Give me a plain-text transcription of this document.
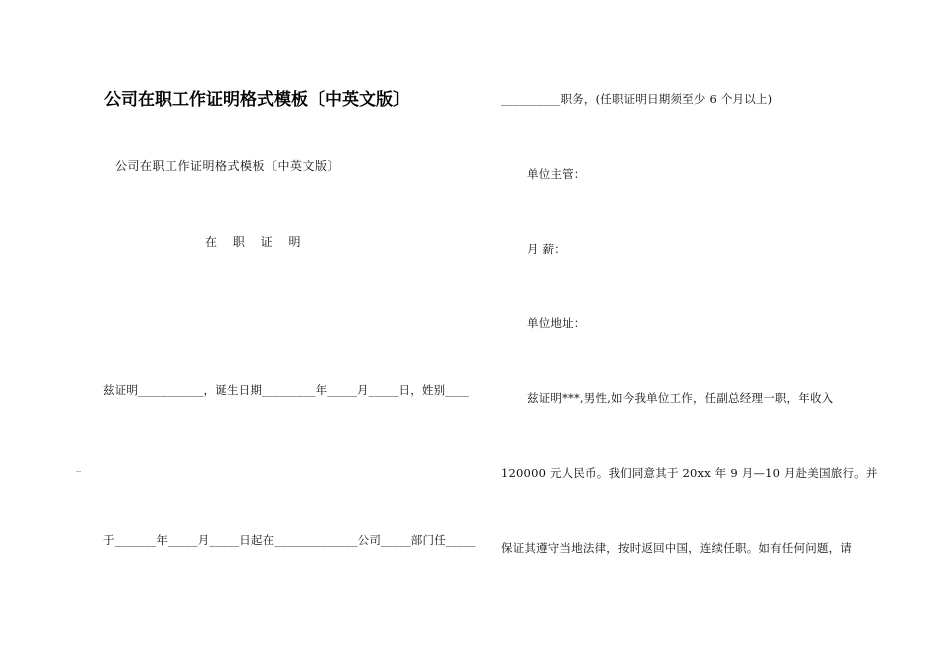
公司在职工作证明格式模板〔中英文版〕
公司在职工作证明格式模板〔中英文版〕
在 职 证 明
兹证明___________，诞生日期_________年_____月_____日，姓别____
_
于_______年_____月_____日起在______________公司_____部门任_____
__________职务，(任职证明日期须至少 6 个月以上)
单位主管：
月 薪：
单位地址：
兹证明***,男性,如今我单位工作，任副总经理一职，年收入
120000 元人民币。我们同意其于 20xx 年 9 月—10 月赴美国旅行。并
保证其遵守当地法律，按时返回中国，连续任职。如有任何问题，请
